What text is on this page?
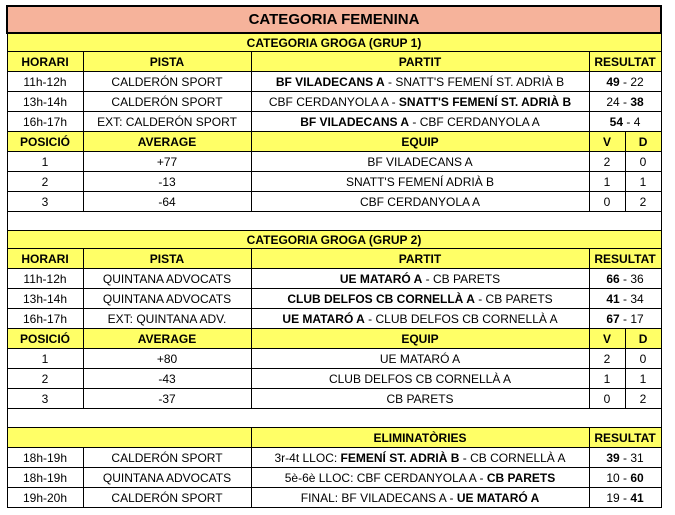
CATEGORIA FEMENINA				
CATEGORIA GROGA (GRUP 1)				
HORARI	PISTA	PARTIT	RESULTAT	
11h-12h	CALDERÓN SPORT	BF VILADECANS A - SNATT'S FEMENÍ ST. ADRIÀ B	49 - 22	
13h-14h	CALDERÓN SPORT	CBF CERDANYOLA A - SNATT'S FEMENÍ ST. ADRIÀ B	24 - 38	
16h-17h	EXT: CALDERÓN SPORT	BF VILADECANS A - CBF CERDANYOLA A	54 - 4	
POSICIÓ	AVERAGE	EQUIP	V	D
1	+77	BF VILADECANS A	2	0
2	-13	SNATT'S FEMENÍ ADRIÀ B	1	1
3	-64	CBF CERDANYOLA A	0	2

CATEGORIA GROGA (GRUP 2)				
HORARI	PISTA	PARTIT	RESULTAT	
11h-12h	QUINTANA ADVOCATS	UE MATARÓ A - CB PARETS	66 - 36	
13h-14h	QUINTANA ADVOCATS	CLUB DELFOS CB CORNELLÀ A - CB PARETS	41 - 34	
16h-17h	EXT: QUINTANA ADV.	UE MATARÓ A - CLUB DELFOS CB CORNELLÀ A	67 - 17	
POSICIÓ	AVERAGE	EQUIP	V	D
1	+80	UE MATARÓ A	2	0
2	-43	CLUB DELFOS CB CORNELLÀ A	1	1
3	-37	CB PARETS	0	2

		ELIMINATÒRIES	RESULTAT	
18h-19h	CALDERÓN SPORT	3r-4t LLOC: FEMENÍ ST. ADRIÀ B - CB CORNELLÀ A	39 - 31	
18h-19h	QUINTANA ADVOCATS	5è-6è LLOC: CBF CERDANYOLA A - CB PARETS	10 - 60	
19h-20h	CALDERÓN SPORT	FINAL: BF VILADECANS A - UE MATARÓ A	19 - 41	
